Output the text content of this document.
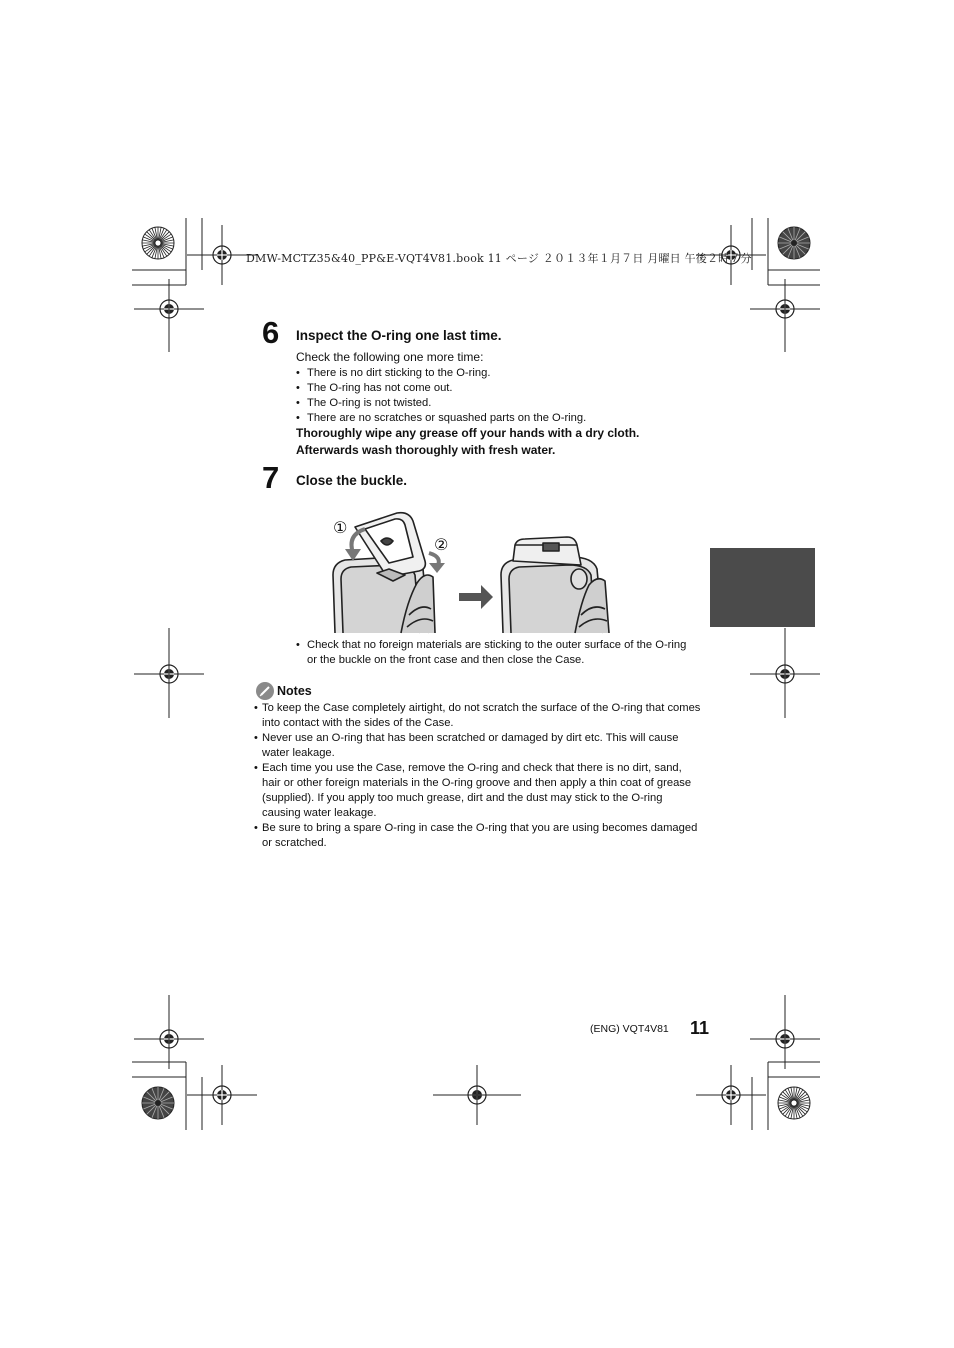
DMW-MCTZ35&40_PP&E-VQT4V81.book 11 ページ ２０１３年１月７日 月曜日 午後２時７分
6 Inspect the O-ring one last time.
Check the following one more time:
• There is no dirt sticking to the O-ring.
• The O-ring has not come out.
• The O-ring is not twisted.
• There are no scratches or squashed parts on the O-ring.
Thoroughly wipe any grease off your hands with a dry cloth.
Afterwards wash thoroughly with fresh water.
7 Close the buckle.
①
②
• Check that no foreign materials are sticking to the outer surface of the O-ring or the buckle on the front case and then close the Case.
Notes
• To keep the Case completely airtight, do not scratch the surface of the O-ring that comes into contact with the sides of the Case.
• Never use an O-ring that has been scratched or damaged by dirt etc. This will cause water leakage.
• Each time you use the Case, remove the O-ring and check that there is no dirt, sand, hair or other foreign materials in the O-ring groove and then apply a thin coat of grease (supplied). If you apply too much grease, dirt and the dust may stick to the O-ring causing water leakage.
• Be sure to bring a spare O-ring in case the O-ring that you are using becomes damaged or scratched.
(ENG) VQT4V81 11
